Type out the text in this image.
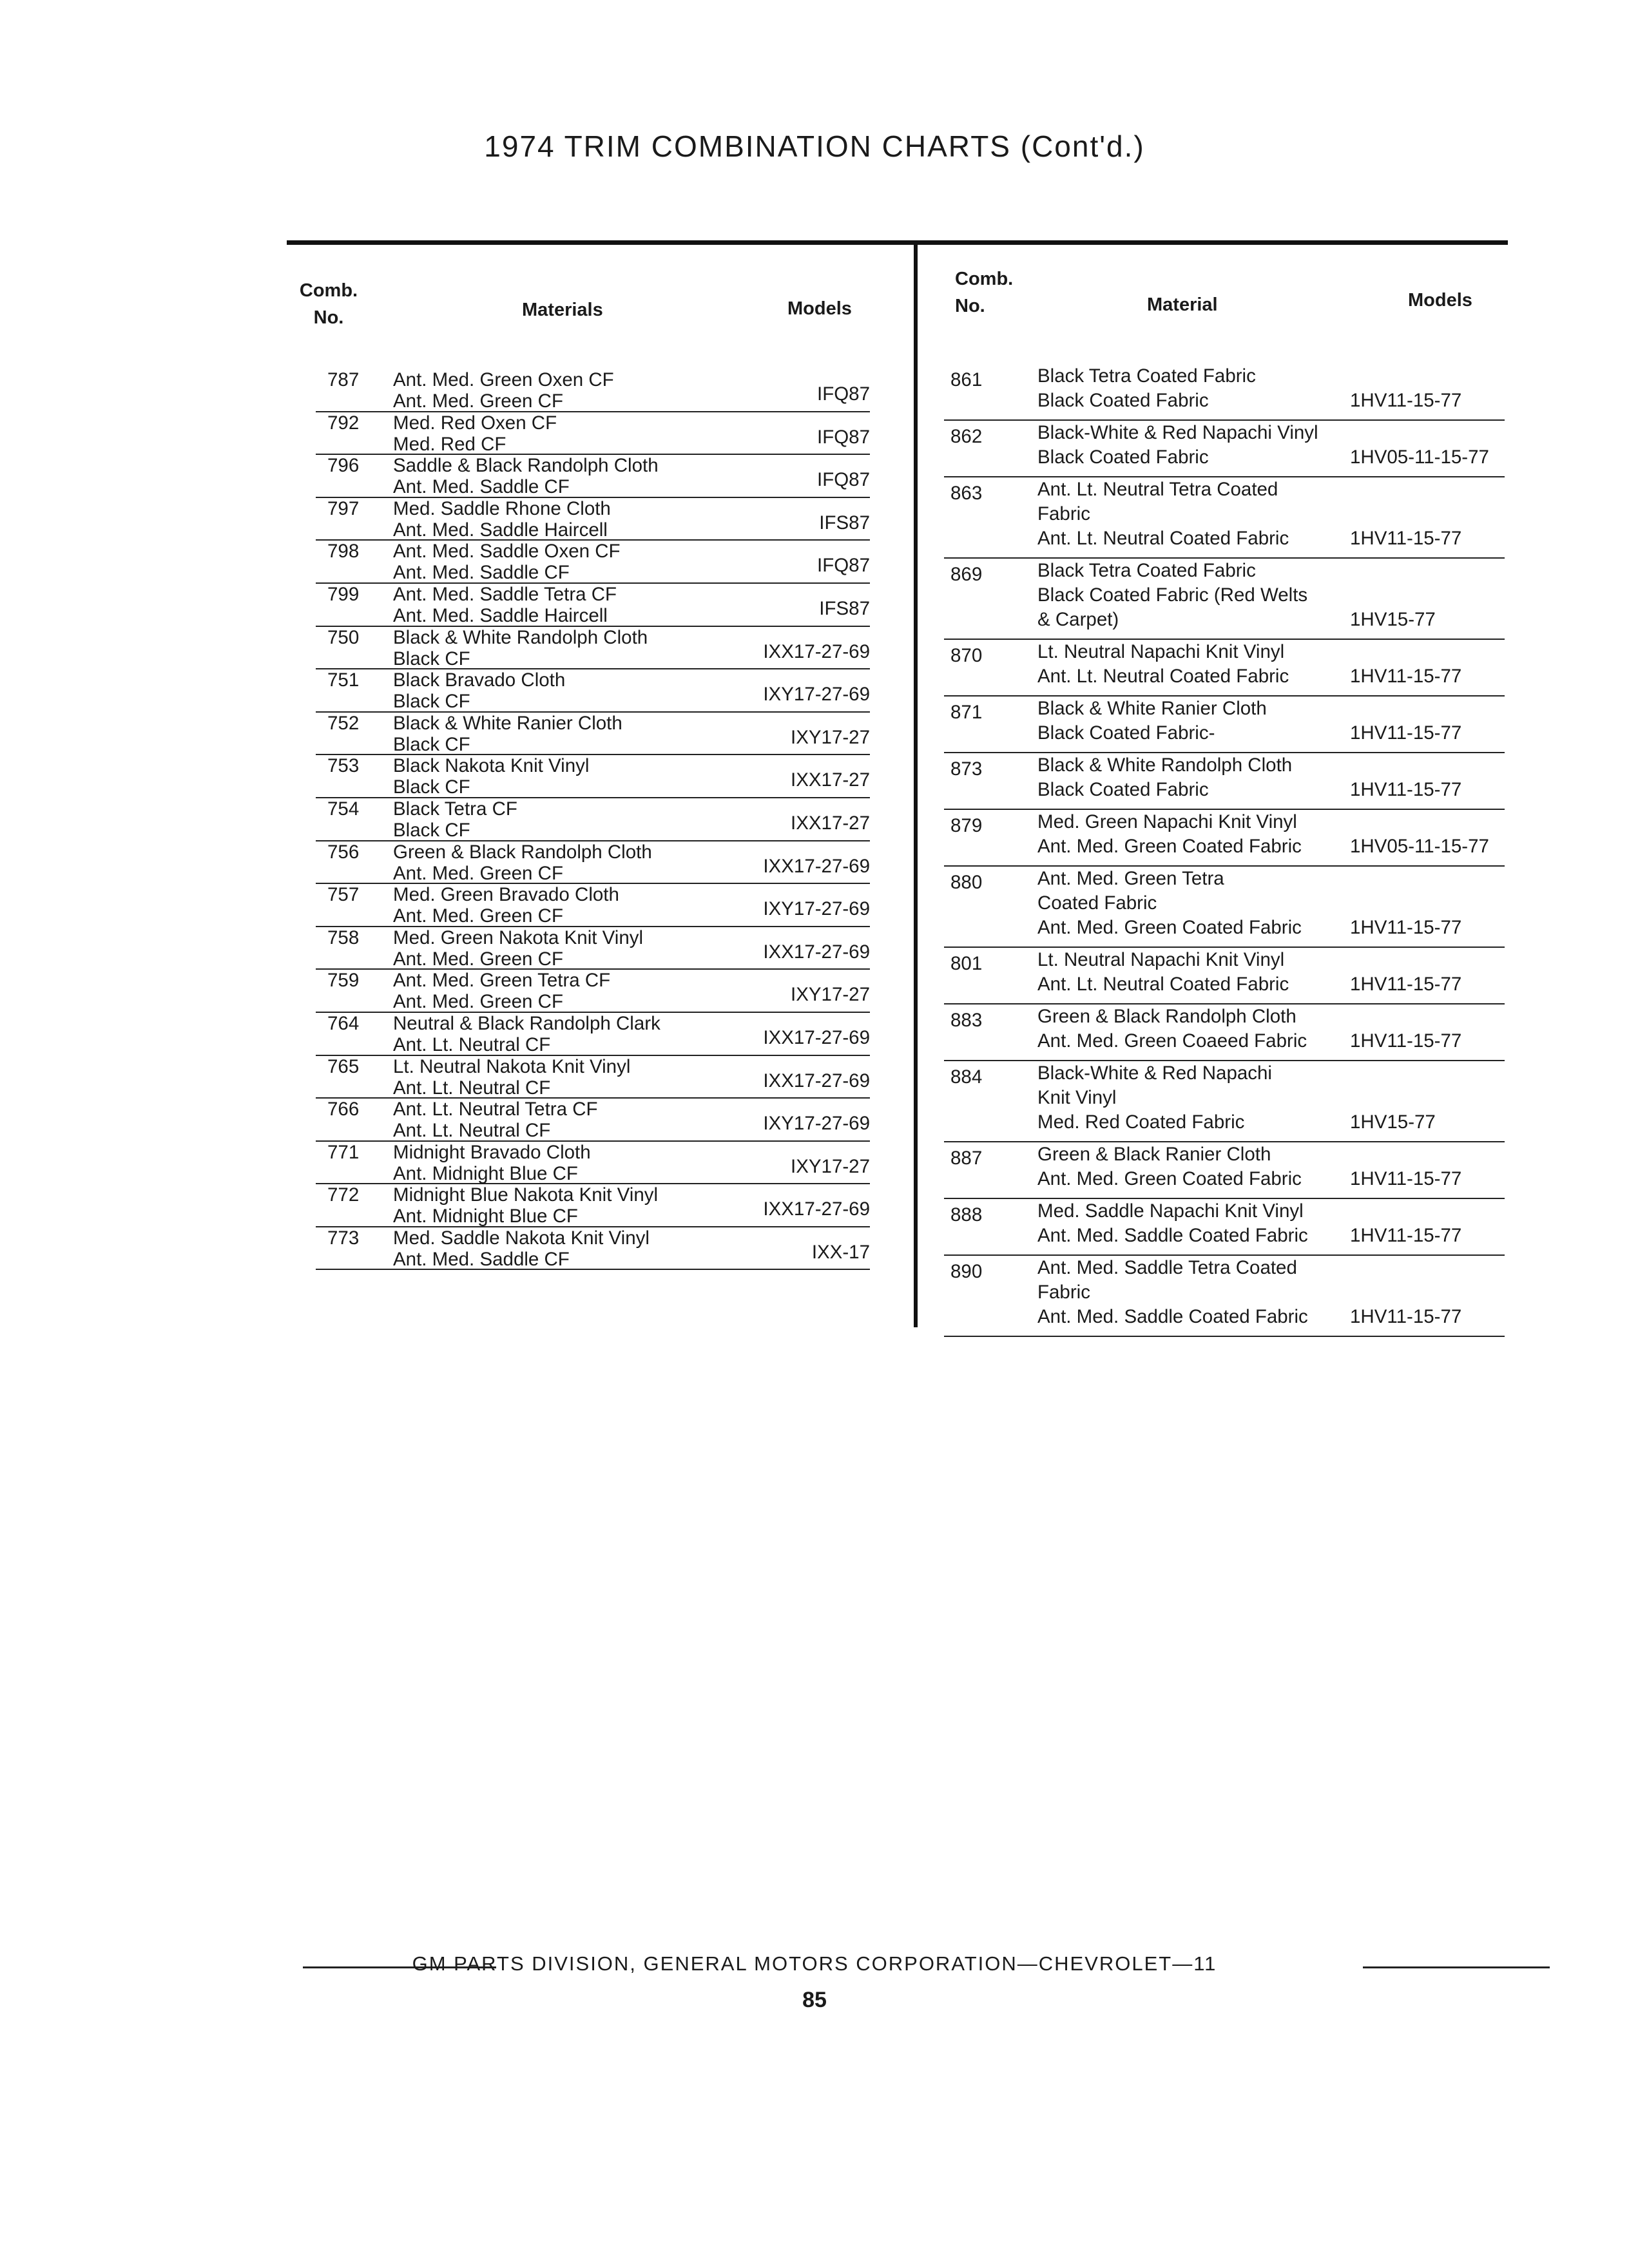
1974 TRIM COMBINATION CHARTS (Cont'd.)
Comb.
No.	Materials	Models
Comb.
No.	Material	Models
787 Ant. Med. Green Oxen CF
Ant. Med. Green CF	IFQ87
792 Med. Red Oxen CF
Med. Red CF	IFQ87
796 Saddle & Black Randolph Cloth
Ant. Med. Saddle CF	IFQ87
797 Med. Saddle Rhone Cloth
Ant. Med. Saddle Haircell	IFS87
798 Ant. Med. Saddle Oxen CF
Ant. Med. Saddle CF	IFQ87
799 Ant. Med. Saddle Tetra CF
Ant. Med. Saddle Haircell	IFS87
750 Black & White Randolph Cloth
Black CF	IXX17-27-69
751 Black Bravado Cloth
Black CF	IXY17-27-69
752 Black & White Ranier Cloth
Black CF	IXY17-27
753 Black Nakota Knit Vinyl
Black CF	IXX17-27
754 Black Tetra CF
Black CF	IXX17-27
756 Green & Black Randolph Cloth
Ant. Med. Green CF	IXX17-27-69
757 Med. Green Bravado Cloth
Ant. Med. Green CF	IXY17-27-69
758 Med. Green Nakota Knit Vinyl
Ant. Med. Green CF	IXX17-27-69
759 Ant. Med. Green Tetra CF
Ant. Med. Green CF	IXY17-27
764 Neutral & Black Randolph Clark
Ant. Lt. Neutral CF	IXX17-27-69
765 Lt. Neutral Nakota Knit Vinyl
Ant. Lt. Neutral CF	IXX17-27-69
766 Ant. Lt. Neutral Tetra CF
Ant. Lt. Neutral CF	IXY17-27-69
771 Midnight Bravado Cloth
Ant. Midnight Blue CF	IXY17-27
772 Midnight Blue Nakota Knit Vinyl
Ant. Midnight Blue CF	IXX17-27-69
773 Med. Saddle Nakota Knit Vinyl
Ant. Med. Saddle CF	IXX-17
861	Black Tetra Coated Fabric
Black Coated Fabric	1HV11-15-77
862	Black-White & Red Napachi Vinyl
Black Coated Fabric	1HV05-11-15-77
863	Ant. Lt. Neutral Tetra Coated
Fabric
Ant. Lt. Neutral Coated Fabric	1HV11-15-77
869	Black Tetra Coated Fabric
Black Coated Fabric (Red Welts
& Carpet)	1HV15-77
870	Lt. Neutral Napachi Knit Vinyl
Ant. Lt. Neutral Coated Fabric	1HV11-15-77
871	Black & White Ranier Cloth
Black Coated Fabric‐	1HV11-15-77
873	Black & White Randolph Cloth
Black Coated Fabric	1HV11-15-77
879	Med. Green Napachi Knit Vinyl
Ant. Med. Green Coated Fabric	1HV05-11-15-77
880	Ant. Med. Green Tetra
Coated Fabric
Ant. Med. Green Coated Fabric	1HV11-15-77
801	Lt. Neutral Napachi Knit Vinyl
Ant. Lt. Neutral Coated Fabric	1HV11-15-77
883	Green & Black Randolph Cloth
Ant. Med. Green Coaeed Fabric 1HV11-15-77
884	Black-White & Red Napachi
Knit Vinyl
Med. Red Coated Fabric	1HV15-77
887	Green & Black Ranier Cloth
Ant. Med. Green Coated Fabric	1HV11-15-77
888	Med. Saddle Napachi Knit Vinyl
Ant. Med. Saddle Coated Fabric 1HV11-15-77
890	Ant. Med. Saddle Tetra Coated
Fabric
Ant. Med. Saddle Coated Fabric 1HV11-15-77
GM PARTS DIVISION, GENERAL MOTORS CORPORATION—CHEVROLET—11
85
